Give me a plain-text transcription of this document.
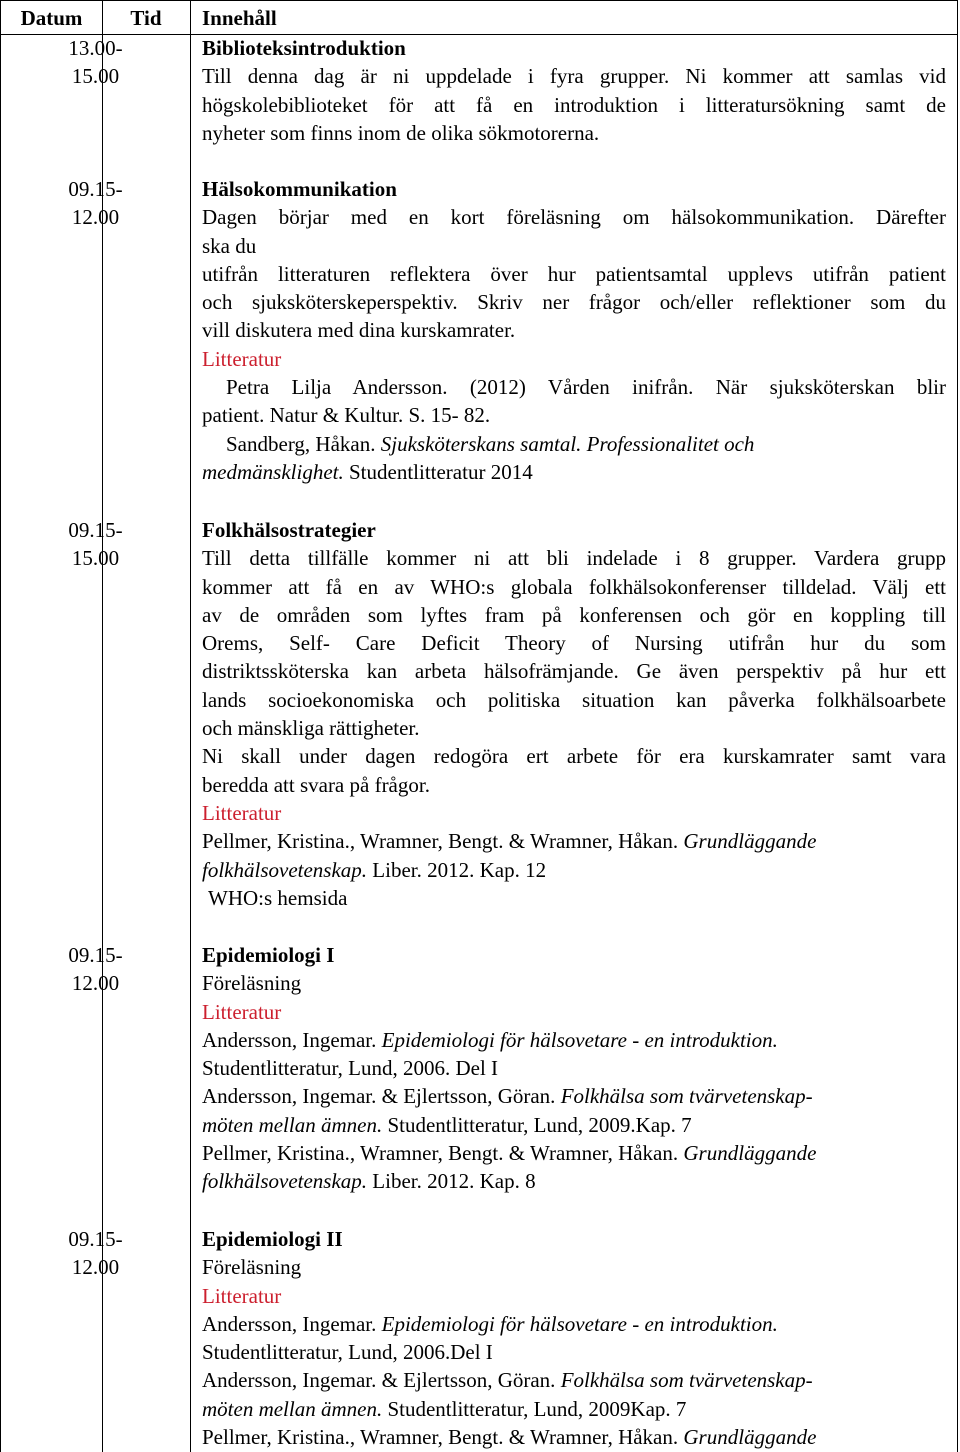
Datum	Tid	Innehåll
13.00-
15.00
Biblioteksintroduktion
Till denna dag är ni uppdelade i fyra grupper. Ni kommer att samlas vid
högskolebiblioteket för att få en introduktion i litteratursökning samt de
nyheter som finns inom de olika sökmotorerna.
09.15-
12.00
Hälsokommunikation
Dagen börjar med en kort föreläsning om hälsokommunikation. Därefter
ska du
utifrån litteraturen reflektera över hur patientsamtal upplevs utifrån patient
och sjuksköterskeperspektiv. Skriv ner frågor och/eller reflektioner som du
vill diskutera med dina kurskamrater.
Litteratur
Petra Lilja Andersson. (2012) Vården inifrån. När sjuksköterskan blir
patient. Natur & Kultur. S. 15- 82.
Sandberg, Håkan. Sjuksköterskans samtal. Professionalitet och
medmänsklighet. Studentlitteratur 2014
09.15-
15.00
Folkhälsostrategier
Till detta tillfälle kommer ni att bli indelade i 8 grupper. Vardera grupp
kommer att få en av WHO:s globala folkhälsokonferenser tilldelad. Välj ett
av de områden som lyftes fram på konferensen och gör en koppling till
Orems, Self- Care Deficit Theory of Nursing utifrån hur du som
distriktssköterska kan arbeta hälsofrämjande. Ge även perspektiv på hur ett
lands socioekonomiska och politiska situation kan påverka folkhälsoarbete
och mänskliga rättigheter.
Ni skall under dagen redogöra ert arbete för era kurskamrater samt vara
beredda att svara på frågor.
Litteratur
Pellmer, Kristina., Wramner, Bengt. & Wramner, Håkan. Grundläggande
folkhälsovetenskap. Liber. 2012. Kap. 12
WHO:s hemsida
09.15-
12.00
Epidemiologi I
Föreläsning
Litteratur
Andersson, Ingemar. Epidemiologi för hälsovetare - en introduktion.
Studentlitteratur, Lund, 2006. Del I
Andersson, Ingemar. & Ejlertsson, Göran. Folkhälsa som tvärvetenskap-
möten mellan ämnen. Studentlitteratur, Lund, 2009.Kap. 7
Pellmer, Kristina., Wramner, Bengt. & Wramner, Håkan. Grundläggande
folkhälsovetenskap. Liber. 2012. Kap. 8
09.15-
12.00
Epidemiologi II
Föreläsning
Litteratur
Andersson, Ingemar. Epidemiologi för hälsovetare - en introduktion.
Studentlitteratur, Lund, 2006.Del I
Andersson, Ingemar. & Ejlertsson, Göran. Folkhälsa som tvärvetenskap-
möten mellan ämnen. Studentlitteratur, Lund, 2009Kap. 7
Pellmer, Kristina., Wramner, Bengt. & Wramner, Håkan. Grundläggande
